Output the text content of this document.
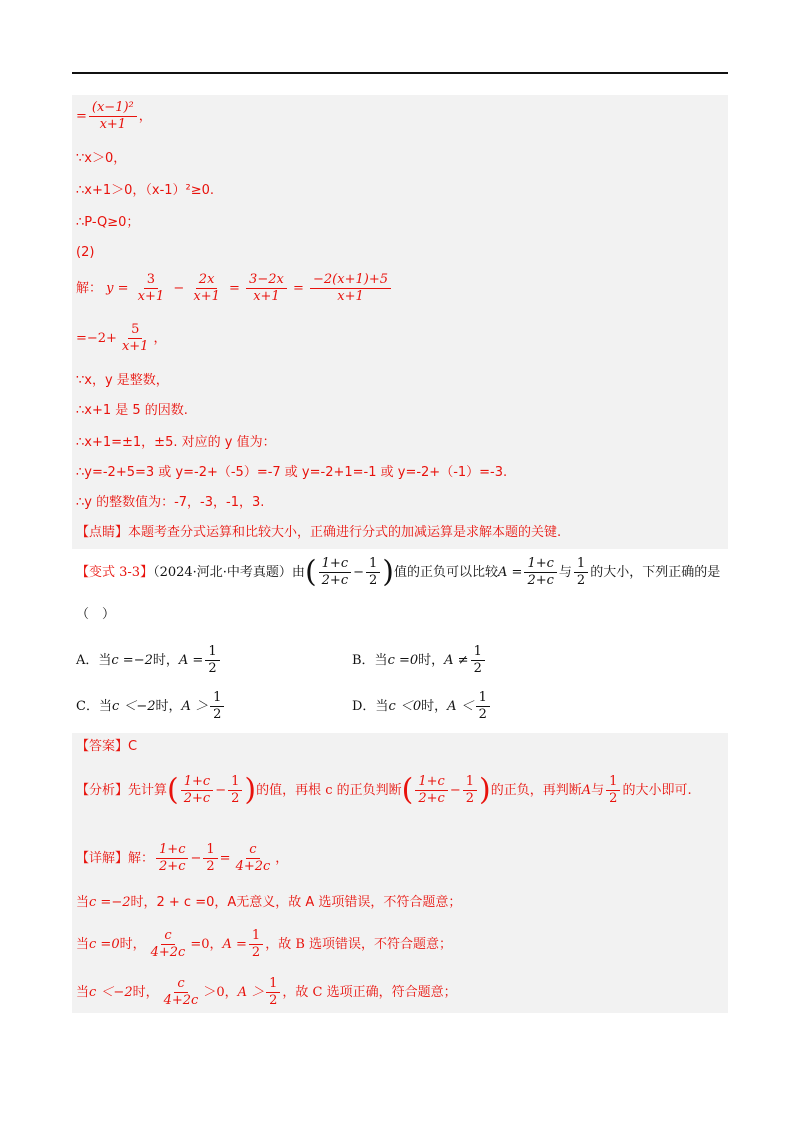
= $\frac{\text{(x−1)²}}{x+1}$ ，
∵x＞0，
∴x+1＞0，（x-1）²≥0.
∴P-Q≥0；
(2)
解： $y = \frac{3}{x+1} - \frac{2x}{x+1} = \frac{3-2x}{x+1} = \frac{-2(x+1)+5}{x+1}$
$=-2+ \frac{5}{x+1}$ ，
∵x，y 是整数，
∴x+1 是 5 的因数.
∴x+1=±1，±5. 对应的 y 值为：
∴y=-2+5=3 或 y=-2+（-5）=-7 或 y=-2+1=-1 或 y=-2+（-1）=-3.
∴y 的整数值为：-7，-3，-1，3.
【点睛】本题考查分式运算和比较大小，正确进行分式的加减运算是求解本题的关键.
【变式 3-3】（2024·河北·中考真题）由( $\frac{1+c}{2+c} - \frac{1}{2}$ )值的正负可以比较$A = \frac{1+c}{2+c}$ 与 $\frac{1}{2}$ 的大小，下列正确的是
（　）
A．当c =−2时，$A = \frac{1}{2}$	B．当c =0时，$A \ne \frac{1}{2}$
C．当c ＜−2时，$A > \frac{1}{2}$	D．当c ＜0时，$A < \frac{1}{2}$
【答案】C
【分析】先计算( $\frac{1+c}{2+c} - \frac{1}{2}$ )的值，再根 c 的正负判断( $\frac{1+c}{2+c} - \frac{1}{2}$ )的正负，再判断A与 $\frac{1}{2}$ 的大小即可.
【详解】解： $\frac{1+c}{2+c} - \frac{1}{2} = \frac{c}{4+2c}$ ，
当c =−2时，2 + c =0，A无意义，故 A 选项错误，不符合题意；
当c =0时， $\frac{c}{4+2c} =0$，$A = \frac{1}{2}$ ，故 B 选项错误，不符合题意；
当c ＜−2时， $\frac{c}{4+2c} >0$，$A > \frac{1}{2}$ ，故 C 选项正确，符合题意；
